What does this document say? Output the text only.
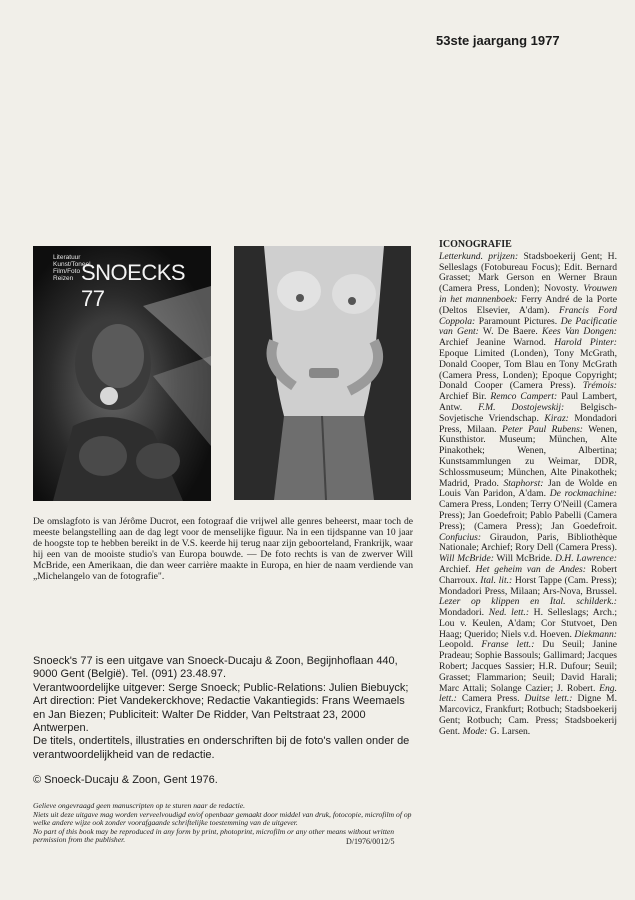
53ste jaargang 1977
Literatuur
Kunst/Toneel
Film/Foto
Reizen SNOECKS 77
De omslagfoto is van Jérôme Ducrot, een fotograaf die vrijwel alle genres beheerst, maar toch de meeste belangstelling aan de dag legt voor de menselijke figuur. Na in een tijdspanne van 10 jaar de hoogste top te hebben bereikt in de V.S. keerde hij terug naar zijn geboorteland, Frankrijk, waar hij een van de mooiste studio's van Europa bouwde. — De foto rechts is van de zwerver Will McBride, een Amerikaan, die dan weer carrière maakte in Europa, en hier de naam verdiende van „Michelangelo van de fotografie".

Snoeck's 77 is een uitgave van Snoeck-Ducaju & Zoon, Begijnhoflaan 440, 9000 Gent (België). Tel. (091) 23.48.97.

Verantwoordelijke uitgever: Serge Snoeck; Public-Relations: Julien Biebuyck; Art direction: Piet Vandekerckhove; Redactie Vakantiegids: Frans Weemaels en Jan Biezen; Publiciteit: Walter De Ridder, Van Peltstraat 23, 2000 Antwerpen.

De titels, ondertitels, illustraties en onderschriften bij de foto's vallen onder de verantwoordelijkheid van de redactie.

© Snoeck-Ducaju & Zoon, Gent 1976.

Gelieve ongevraagd geen manuscripten op te sturen naar de redactie.

Niets uit deze uitgave mag worden verveelvoudigd en/of openbaar gemaakt door middel van druk, fotocopie, microfilm of op welke andere wijze ook zonder voorafgaande schriftelijke toestemming van de uitgever.

No part of this book may be reproduced in any form by print, photoprint, microfilm or any other means without written permission from the publisher.	D/1976/0012/5
ICONOGRAFIE
Letterkund. prijzen: Stadsboekerij Gent; H. Selleslags (Fotobureau Focus); Edit. Bernard Grasset; Mark Gerson en Werner Braun (Camera Press, Londen); Novosty. Vrouwen in het mannenboek: Ferry André de la Porte (Deltos Elsevier, A'dam). Francis Ford Coppola: Paramount Pictures. De Pacificatie van Gent: W. De Baere. Kees Van Dongen: Archief Jeanine Warnod. Harold Pinter: Epoque Limited (Londen), Tony McGrath, Donald Cooper, Tom Blau en Tony McGrath (Camera Press, Londen); Epoque Copyright; Donald Cooper (Camera Press). Trémois: Archief Bir. Remco Campert: Paul Lambert, Antw. F.M. Dostojewskij: Belgisch-Sovjetische Vriendschap. Kiraz: Mondadori Press, Milaan. Peter Paul Rubens: Wenen, Kunsthistor. Museum; München, Alte Pinakothek; Wenen, Albertina; Kunstsammlungen zu Weimar, DDR, Schlossmuseum; München, Alte Pinakothek; Madrid, Prado. Staphorst: Jan de Wolde en Louis Van Paridon, A'dam. De rockmachine: Camera Press, Londen; Terry O'Neill (Camera Press); Jan Goedefroit; Pablo Pabelli (Camera Press); (Camera Press); Jan Goedefroit. Confucius: Giraudon, Paris, Bibliothèque Nationale; Archief; Rory Dell (Camera Press). Will McBride: Will McBride. D.H. Lawrence: Archief. Het geheim van de Andes: Robert Charroux. Ital. lit.: Horst Tappe (Cam. Press); Mondadori Press, Milaan; Ars-Nova, Brussel. Lezer op klippen en Ital. schilderk.: Mondadori. Ned. lett.: H. Selleslags; Arch.; Lou v. Keulen, A'dam; Cor Stutvoet, Den Haag; Querido; Niels v.d. Hoeven. Diekmann: Leopold. Franse lett.: Du Seuil; Janine Pradeau; Sophie Bassouls; Gallimard; Jacques Robert; Jacques Sassier; H.R. Dufour; Seuil; Grasset; Flammarion; Seuil; David Harali; Marc Attali; Solange Cazier; J. Robert. Eng. lett.: Camera Press. Duitse lett.: Digne M. Marcovicz, Frankfurt; Rotbuch; Stadsboekerij Gent; Rotbuch; Cam. Press; Stadsboekerij Gent. Mode: G. Larsen.
